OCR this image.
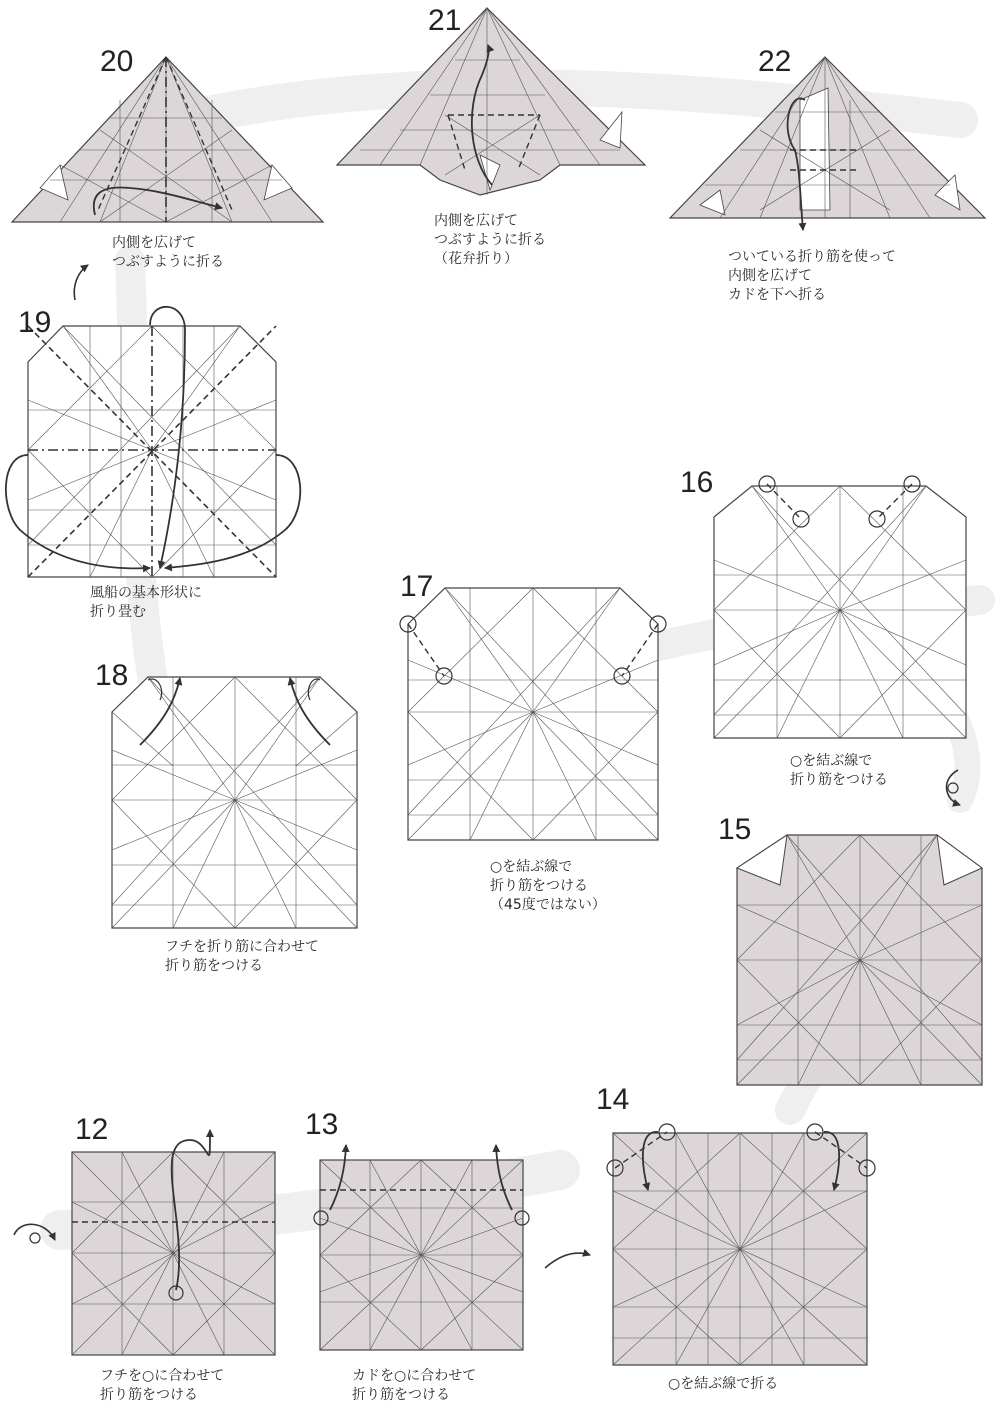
20
21
22
19
16
17
18
15
14
12	13
内側を広げて
つぶすように折る
内側を広げて
つぶすように折る
（花弁折り）	ついている折り筋を使って
内側を広げて
カドを下へ折る
風船の基本形状に
折り畳む
○を結ぶ線で
折り筋をつける
○を結ぶ線で
折り筋をつける
（45度ではない）
フチを折り筋に合わせて
折り筋をつける
フチを○に合わせて
折り筋をつける
カドを○に合わせて
折り筋をつける
○を結ぶ線で折る
